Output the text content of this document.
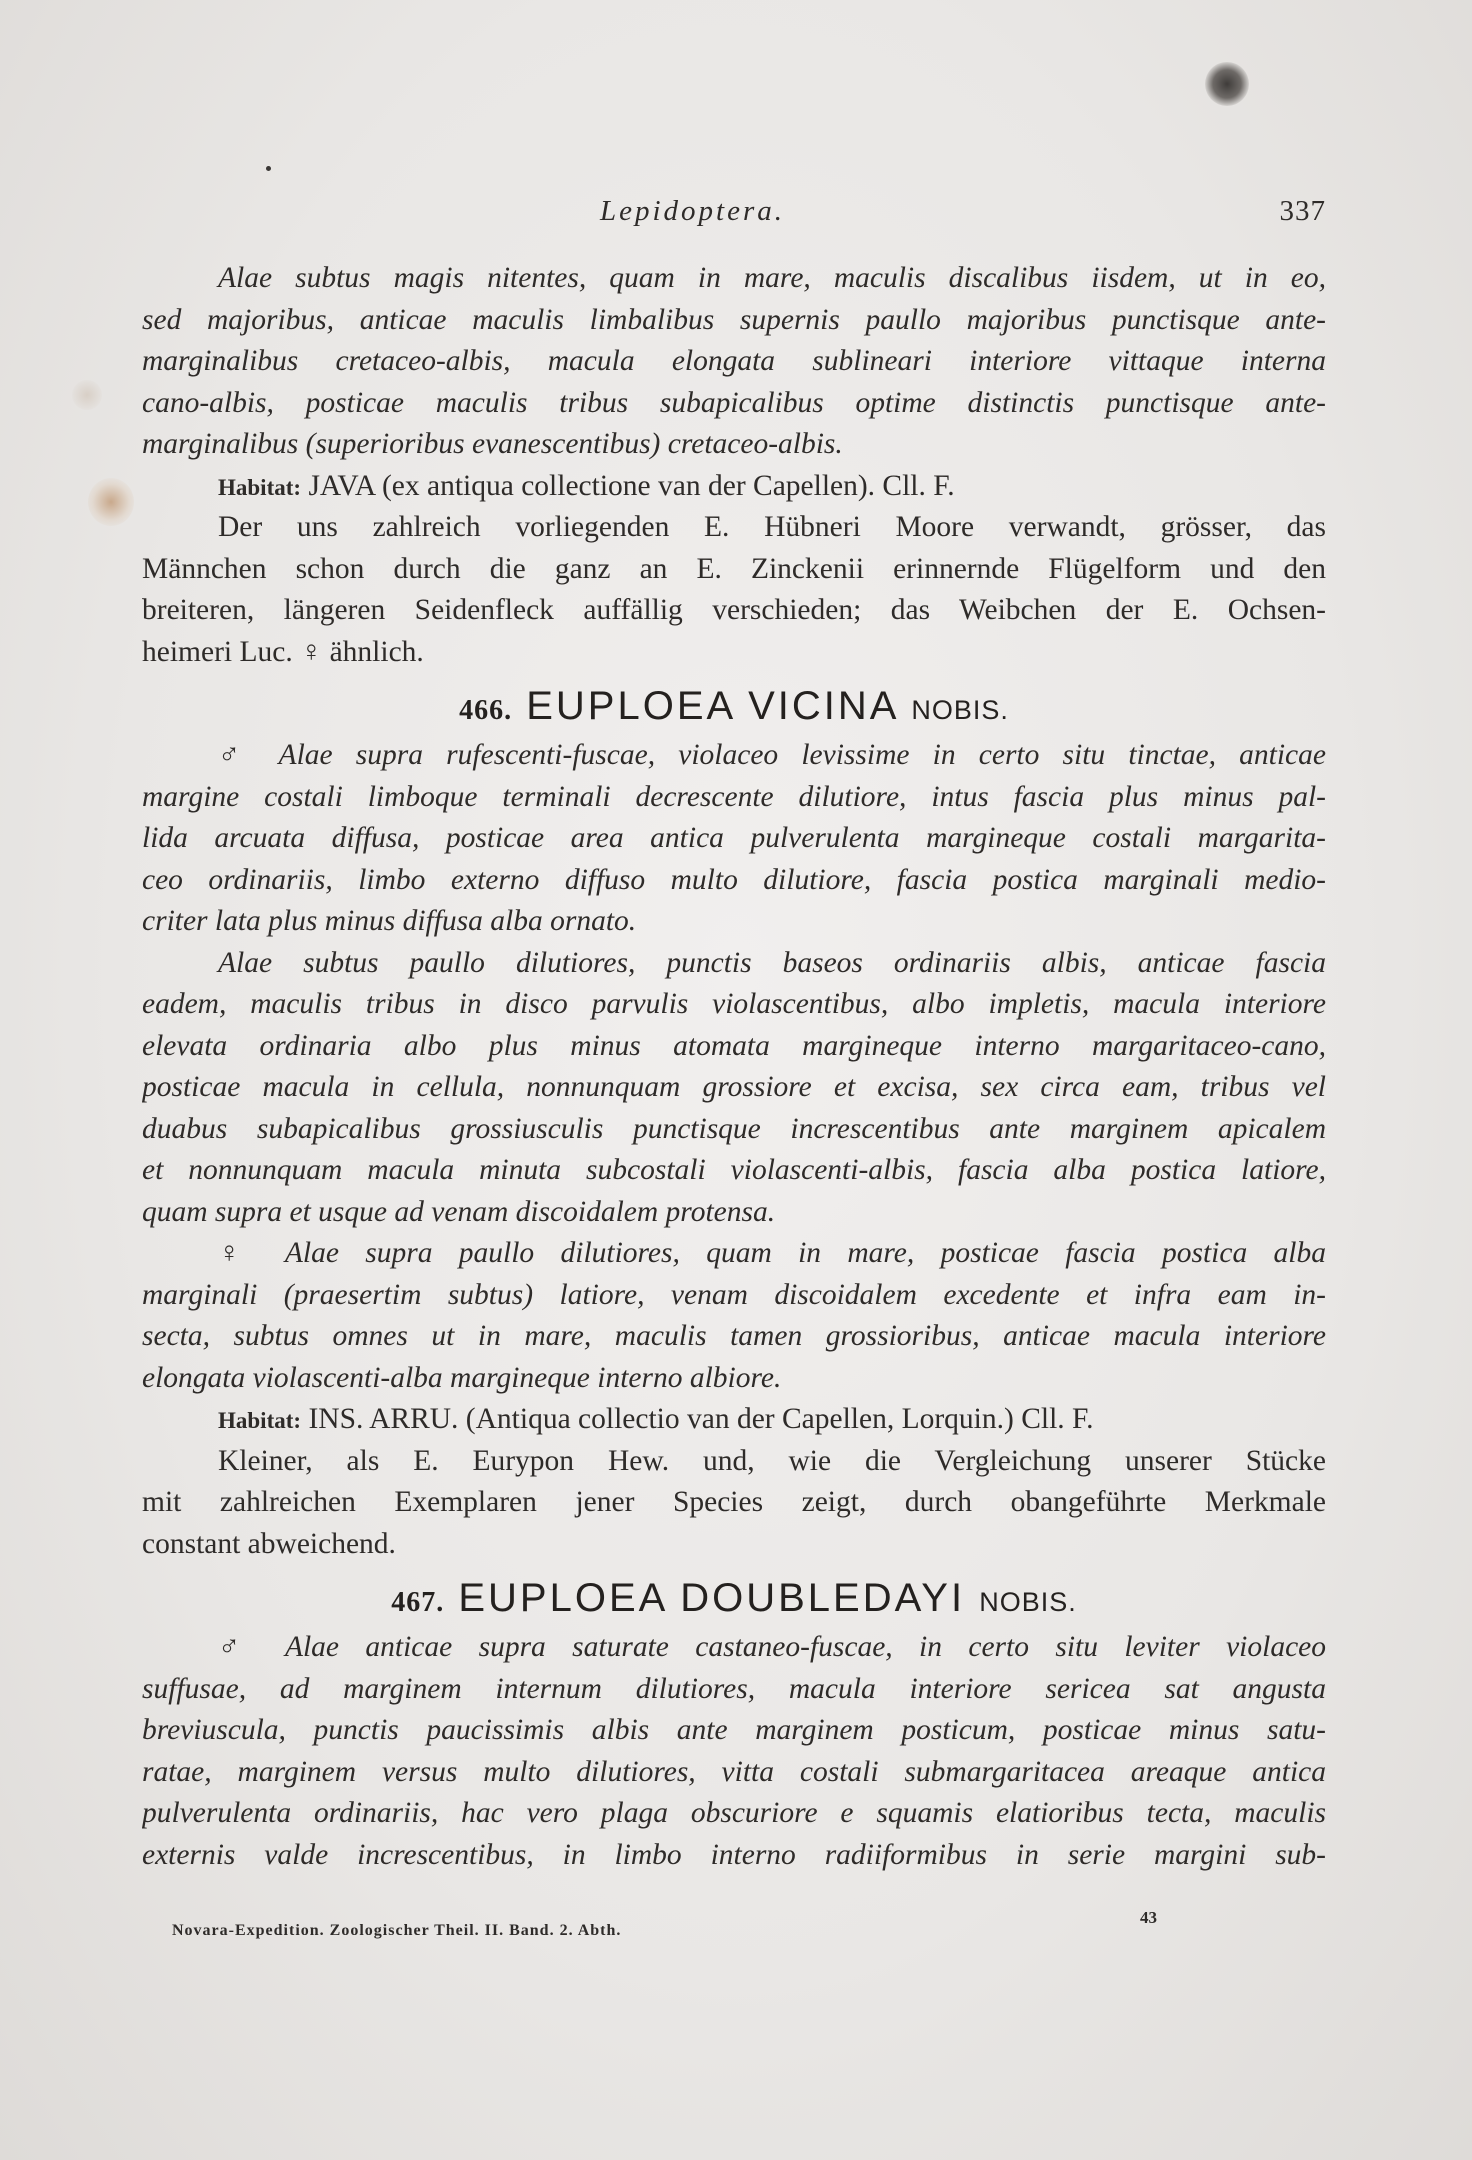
Lepidoptera.	337
Alae subtus magis nitentes, quam in mare, maculis discalibus iisdem, ut in eo,
sed majoribus, anticae maculis limbalibus supernis paullo majoribus punctisque ante-
marginalibus cretaceo-albis, macula elongata sublineari interiore vittaque interna
cano-albis, posticae maculis tribus subapicalibus optime distinctis punctisque ante-
marginalibus (superioribus evanescentibus) cretaceo-albis.
Habitat: JAVA (ex antiqua collectione van der Capellen). Cll. F.
Der uns zahlreich vorliegenden E. Hübneri Moore verwandt, grösser, das
Männchen schon durch die ganz an E. Zinckenii erinnernde Flügelform und den
breiteren, längeren Seidenfleck auffällig verschieden; das Weibchen der E. Ochsen-
heimeri Luc. ♀ ähnlich.
466. EUPLOEA VICINA NOBIS.
♂ Alae supra rufescenti-fuscae, violaceo levissime in certo situ tinctae, anticae
margine costali limboque terminali decrescente dilutiore, intus fascia plus minus pal-
lida arcuata diffusa, posticae area antica pulverulenta margineque costali margarita-
ceo ordinariis, limbo externo diffuso multo dilutiore, fascia postica marginali medio-
criter lata plus minus diffusa alba ornato.
Alae subtus paullo dilutiores, punctis baseos ordinariis albis, anticae fascia
eadem, maculis tribus in disco parvulis violascentibus, albo impletis, macula interiore
elevata ordinaria albo plus minus atomata margineque interno margaritaceo-cano,
posticae macula in cellula, nonnunquam grossiore et excisa, sex circa eam, tribus vel
duabus subapicalibus grossiusculis punctisque increscentibus ante marginem apicalem
et nonnunquam macula minuta subcostali violascenti-albis, fascia alba postica latiore,
quam supra et usque ad venam discoidalem protensa.
♀ Alae supra paullo dilutiores, quam in mare, posticae fascia postica alba
marginali (praesertim subtus) latiore, venam discoidalem excedente et infra eam in-
secta, subtus omnes ut in mare, maculis tamen grossioribus, anticae macula interiore
elongata violascenti-alba margineque interno albiore.
Habitat: INS. ARRU. (Antiqua collectio van der Capellen, Lorquin.) Cll. F.
Kleiner, als E. Eurypon Hew. und, wie die Vergleichung unserer Stücke
mit zahlreichen Exemplaren jener Species zeigt, durch obangeführte Merkmale
constant abweichend.
467. EUPLOEA DOUBLEDAYI NOBIS.
♂ Alae anticae supra saturate castaneo-fuscae, in certo situ leviter violaceo
suffusae, ad marginem internum dilutiores, macula interiore sericea sat angusta
breviuscula, punctis paucissimis albis ante marginem posticum, posticae minus satu-
ratae, marginem versus multo dilutiores, vitta costali submargaritacea areaque antica
pulverulenta ordinariis, hac vero plaga obscuriore e squamis elatioribus tecta, maculis
externis valde increscentibus, in limbo interno radiiformibus in serie margini sub-
Novara-Expedition. Zoologischer Theil. II. Band. 2. Abth.
43
